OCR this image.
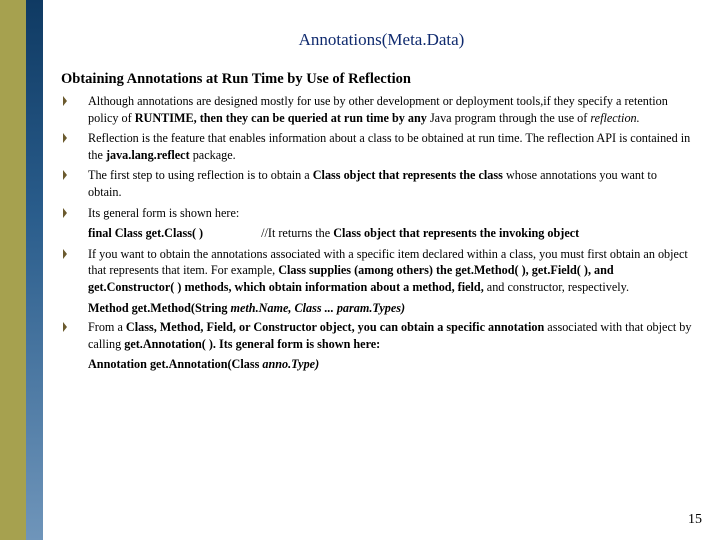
Annotations(Meta.Data)
Obtaining Annotations at Run Time by Use of Reflection
Although annotations are designed mostly for use by other development or deployment tools,if they specify a retention policy of RUNTIME, then they can be queried at run time by any Java program through the use of reflection.
Reflection is the feature that enables information about a class to be obtained at run time. The reflection API is contained in the java.lang.reflect package.
The first step to using reflection is to obtain a Class object that represents the class whose annotations you want to obtain.
Its general form is shown here:
final Class get.Class( )	//It returns the Class object that represents the invoking object
If you want to obtain the annotations associated with a specific item declared within a class, you must first obtain an object that represents that item. For example, Class supplies (among others) the get.Method( ), get.Field( ), and get.Constructor( ) methods, which obtain information about a method, field, and constructor, respectively.
Method get.Method(String meth.Name, Class ... param.Types)
From a Class, Method, Field, or Constructor object, you can obtain a specific annotation associated with that object by calling get.Annotation( ). Its general form is shown here:
Annotation get.Annotation(Class anno.Type)
15
